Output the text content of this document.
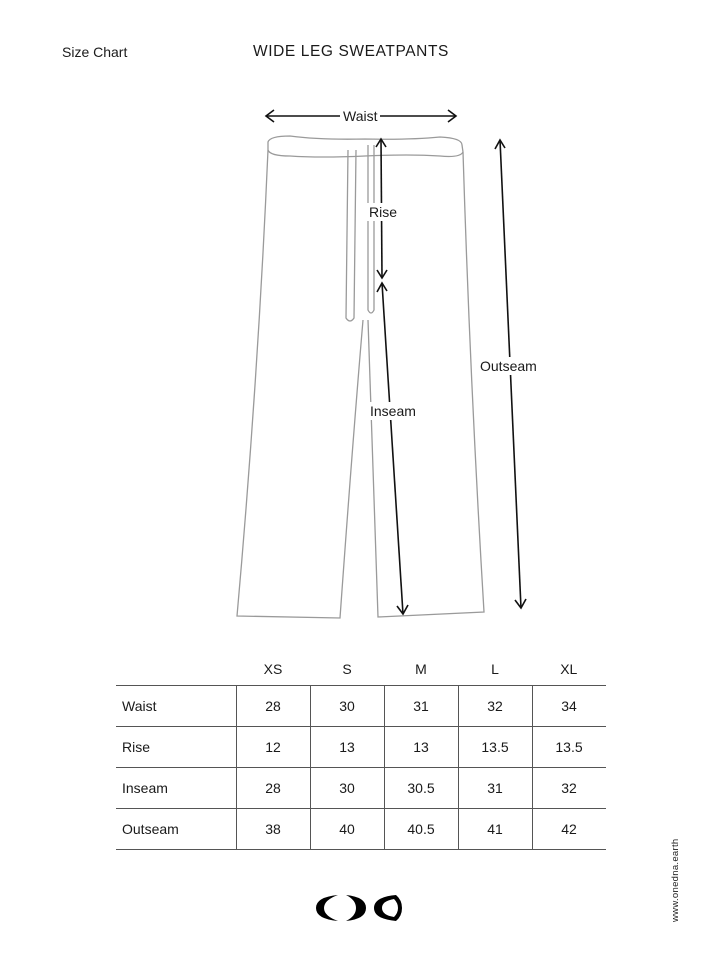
Size Chart	WIDE LEG SWEATPANTS
Waist
Rise
Inseam
Outseam
	XS	S	M	L	XL
Waist	28	30	31	32	34
Rise	12	13	13	13.5	13.5
Inseam	28	30	30.5	31	32
Outseam	38	40	40.5	41	42
www.onedna.earth
